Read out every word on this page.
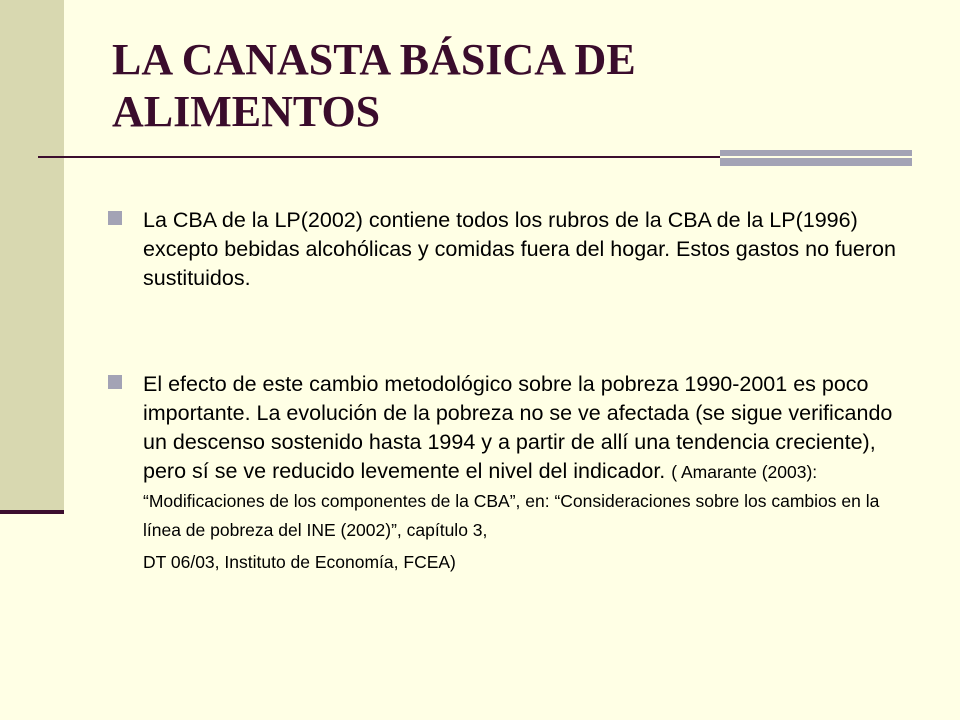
LA CANASTA BÁSICA DE ALIMENTOS

La CBA de la LP(2002) contiene todos los rubros de la CBA de la LP(1996) excepto bebidas alcohólicas y comidas fuera del hogar. Estos gastos no fueron sustituidos.

El efecto de este cambio metodológico sobre la pobreza 1990-2001 es poco importante. La evolución de la pobreza no se ve afectada (se sigue verificando un descenso sostenido hasta 1994 y a partir de allí una tendencia creciente), pero sí se ve reducido levemente el nivel del indicador. ( Amarante (2003): “Modificaciones de los componentes de la CBA”, en: “Consideraciones sobre los cambios en la línea de pobreza del INE (2002)”, capítulo 3,
DT 06/03, Instituto de Economía, FCEA)
